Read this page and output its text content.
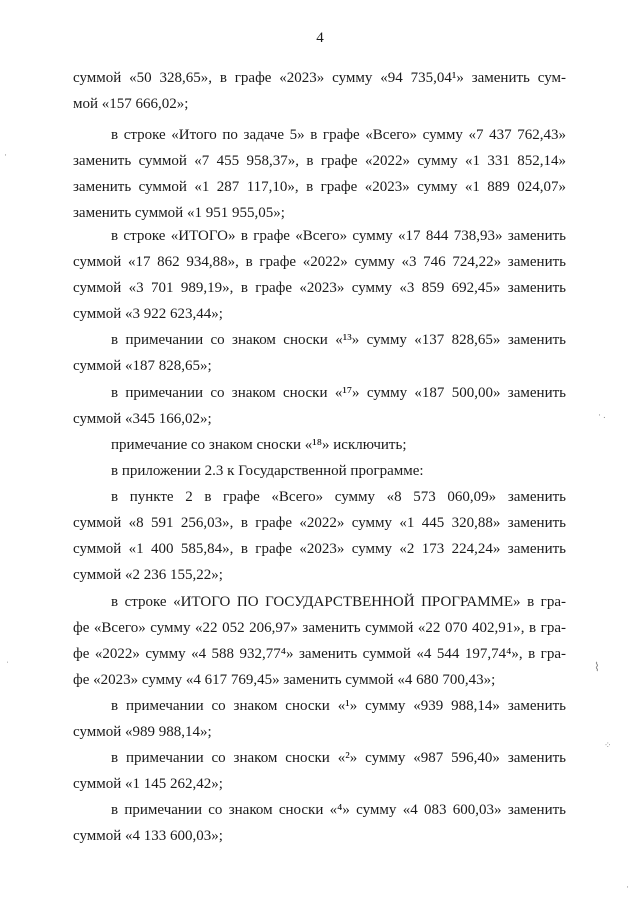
4
суммой «50 328,65», в графе «2023» сумму «94 735,04¹» заменить сум-
мой «157 666,02»;
в строке «Итого по задаче 5» в графе «Всего» сумму «7 437 762,43»
заменить суммой «7 455 958,37», в графе «2022» сумму «1 331 852,14»
заменить суммой «1 287 117,10», в графе «2023» сумму «1 889 024,07»
заменить суммой «1 951 955,05»;
в строке «ИТОГО» в графе «Всего» сумму «17 844 738,93» заменить
суммой «17 862 934,88», в графе «2022» сумму «3 746 724,22» заменить
суммой «3 701 989,19», в графе «2023» сумму «3 859 692,45» заменить
суммой «3 922 623,44»;
в примечании со знаком сноски «¹³» сумму «137 828,65» заменить
суммой «187 828,65»;
в примечании со знаком сноски «¹⁷» сумму «187 500,00» заменить
суммой «345 166,02»;
примечание со знаком сноски «¹⁸» исключить;
в приложении 2.3 к Государственной программе:
в пункте 2 в графе «Всего» сумму «8 573 060,09» заменить
суммой «8 591 256,03», в графе «2022» сумму «1 445 320,88» заменить
суммой «1 400 585,84», в графе «2023» сумму «2 173 224,24» заменить
суммой «2 236 155,22»;
в строке «ИТОГО ПО ГОСУДАРСТВЕННОЙ ПРОГРАММЕ» в гра-
фе «Всего» сумму «22 052 206,97» заменить суммой «22 070 402,91», в гра-
фе «2022» сумму «4 588 932,77⁴» заменить суммой «4 544 197,74⁴», в гра-
фе «2023» сумму «4 617 769,45» заменить суммой «4 680 700,43»;
в примечании со знаком сноски «¹» сумму «939 988,14» заменить
суммой «989 988,14»;
в примечании со знаком сноски «²» сумму «987 596,40» заменить
суммой «1 145 262,42»;
в примечании со знаком сноски «⁴» сумму «4 083 600,03» заменить
суммой «4 133 600,03»;
·
ˈ
· .
⌇
⁘
·
